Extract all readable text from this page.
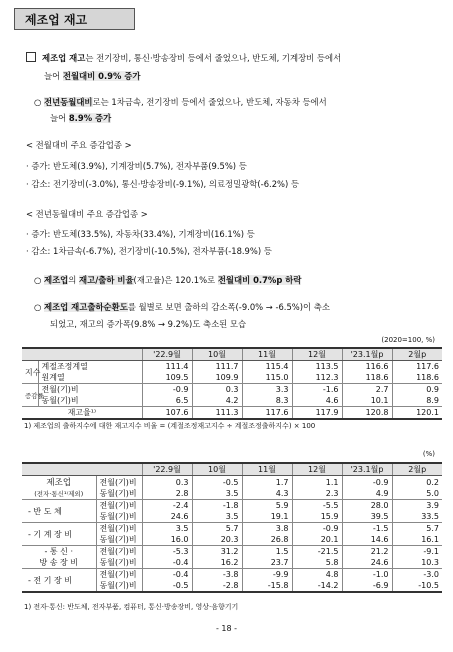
제조업 재고
제조업 재고는 전기장비, 통신·방송장비 등에서 줄었으나, 반도체, 기계장비 등에서
늘어 전월대비 0.9% 증가
○ 전년동월대비로는 1차금속, 전기장비 등에서 줄었으나, 반도체, 자동차 등에서
늘어 8.9% 증가
< 전월대비 주요 증감업종 >
· 증가: 반도체(3.9%), 기계장비(5.7%), 전자부품(9.5%) 등
· 감소: 전기장비(-3.0%), 통신·방송장비(-9.1%), 의료정밀광학(-6.2%) 등
< 전년동월대비 주요 증감업종 >
· 증가: 반도체(33.5%), 자동차(33.4%), 기계장비(16.1%) 등
· 감소: 1차금속(-6.7%), 전기장비(-10.5%), 전자부품(-18.9%) 등
○ 제조업의 재고/출하 비율(재고율)은 120.1%로 전월대비 0.7%p 하락
○ 제조업 재고출하순환도를 월별로 보면 출하의 감소폭(-9.0% → -6.5%)이 축소
되었고, 재고의 증가폭(9.8% → 9.2%)도 축소된 모습
(2020=100, %)
		'22.9월	10월	11월	12월	'23.1월p	2월p
지수	계절조정계열	111.4	111.7	115.4	113.5	116.6	117.6
	원계열	109.5	109.9	115.0	112.3	118.6	118.6
증감률	전월(기)비	-0.9	0.3	3.3	-1.6	2.7	0.9
	동월(기)비	6.5	4.2	8.3	4.6	10.1	8.9
재고율¹⁾		107.6	111.3	117.6	117.9	120.8	120.1
1) 제조업의 출하지수에 대한 재고지수 비율 = (계절조정재고지수 ÷ 계절조정출하지수) × 100
(%)
		'22.9월	10월	11월	12월	'23.1월p	2월p
제조업	전월(기)비	0.3	-0.5	1.7	1.1	-0.9	0.2
(전자·통신¹⁾제외)	동월(기)비	2.8	3.5	4.3	2.3	4.9	5.0
- 반 도 체	전월(기)비	-2.4	-1.8	5.9	-5.5	28.0	3.9
	동월(기)비	24.6	3.5	19.1	15.9	39.5	33.5
- 기 계 장 비	전월(기)비	3.5	5.7	3.8	-0.9	-1.5	5.7
	동월(기)비	16.0	20.3	26.8	20.1	14.6	16.1
- 통 신 ·	전월(기)비	-5.3	31.2	1.5	-21.5	21.2	-9.1
방 송 장 비	동월(기)비	-0.4	16.2	23.7	5.8	24.6	10.3
- 전 기 장 비	전월(기)비	-0.4	-3.8	-9.9	4.8	-1.0	-3.0
	동월(기)비	-0.5	-2.8	-15.8	-14.2	-6.9	-10.5
1) 전자·통신: 반도체, 전자부품, 컴퓨터, 통신·방송장비, 영상·음향기기
- 18 -
